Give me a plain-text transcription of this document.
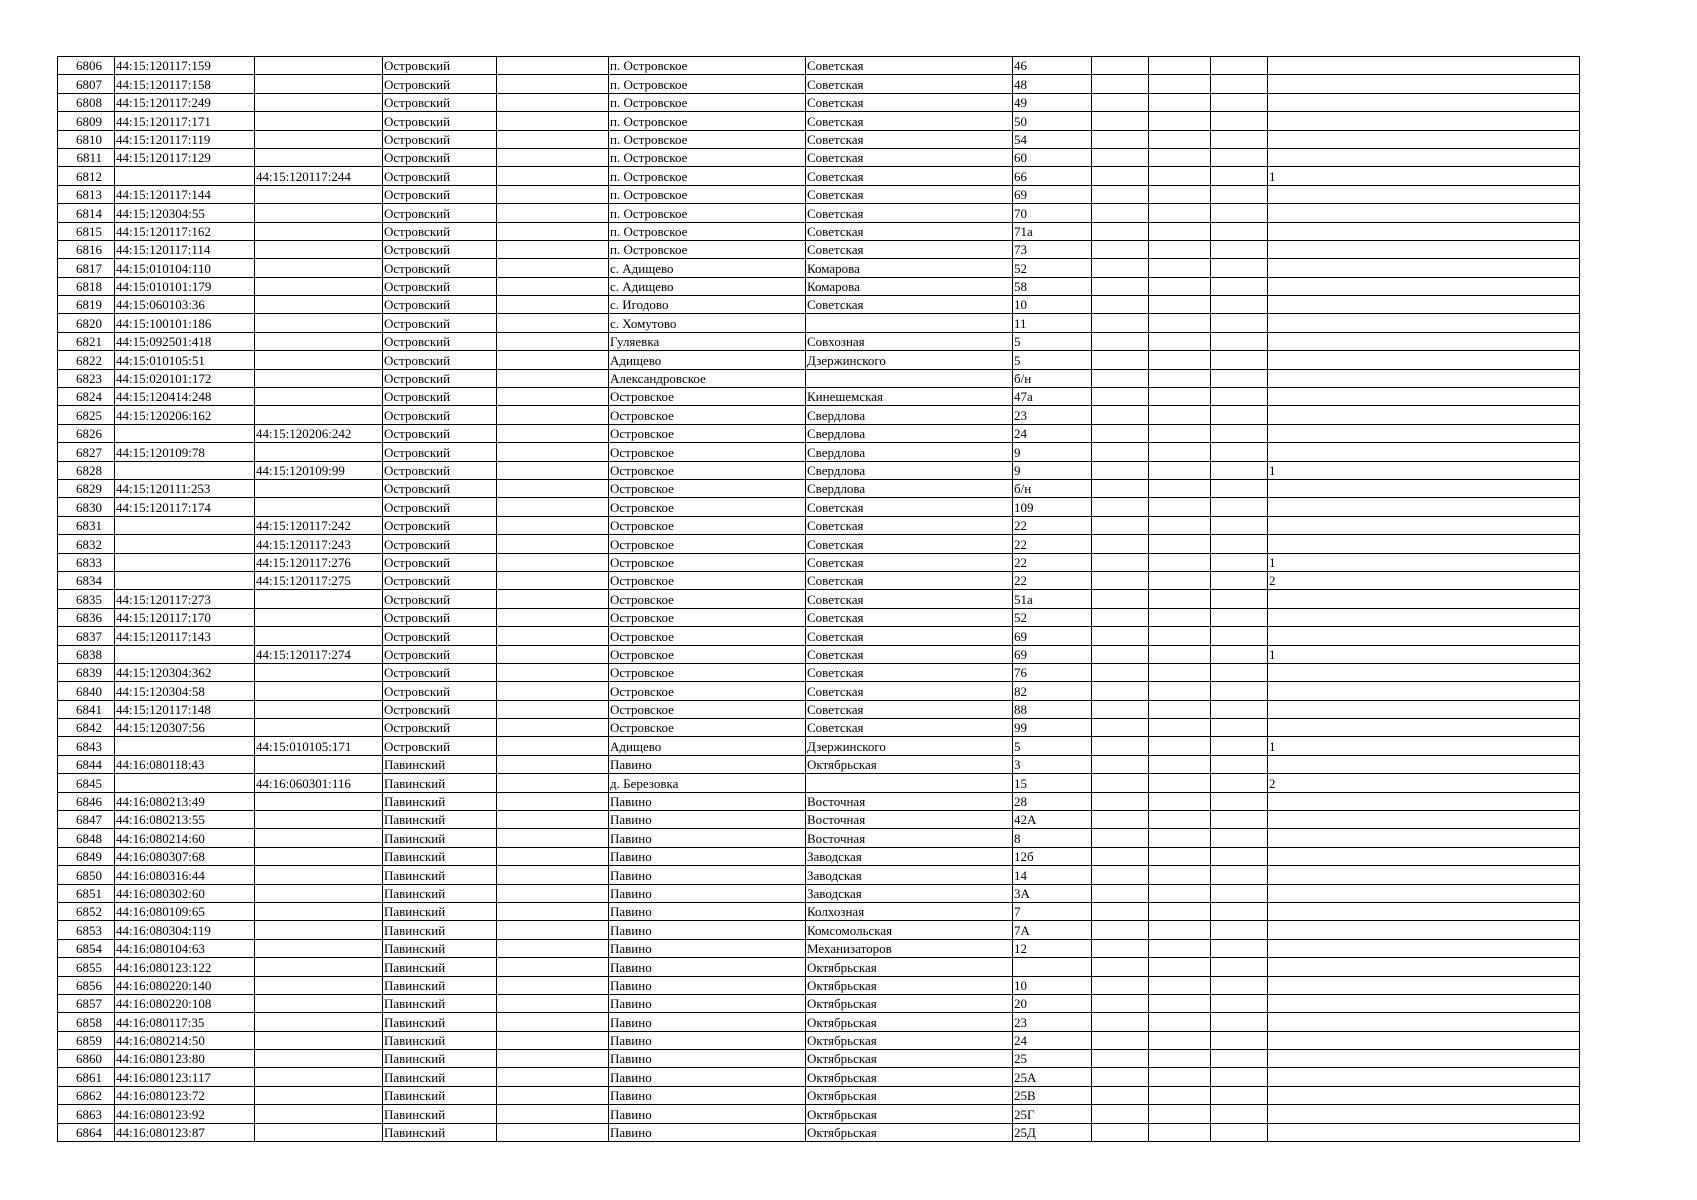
6806	44:15:120117:159		Островский		п. Островское	Советская	46				
6807	44:15:120117:158		Островский		п. Островское	Советская	48				
6808	44:15:120117:249		Островский		п. Островское	Советская	49				
6809	44:15:120117:171		Островский		п. Островское	Советская	50				
6810	44:15:120117:119		Островский		п. Островское	Советская	54				
6811	44:15:120117:129		Островский		п. Островское	Советская	60				
6812		44:15:120117:244	Островский		п. Островское	Советская	66				1
6813	44:15:120117:144		Островский		п. Островское	Советская	69				
6814	44:15:120304:55		Островский		п. Островское	Советская	70				
6815	44:15:120117:162		Островский		п. Островское	Советская	71а				
6816	44:15:120117:114		Островский		п. Островское	Советская	73				
6817	44:15:010104:110		Островский		с. Адищево	Комарова	52				
6818	44:15:010101:179		Островский		с. Адищево	Комарова	58				
6819	44:15:060103:36		Островский		с. Игодово	Советская	10				
6820	44:15:100101:186		Островский		с. Хомутово		11				
6821	44:15:092501:418		Островский		Гуляевка	Совхозная	5				
6822	44:15:010105:51		Островский		Адищево	Дзержинского	5				
6823	44:15:020101:172		Островский		Александровское		б/н				
6824	44:15:120414:248		Островский		Островское	Кинешемская	47а				
6825	44:15:120206:162		Островский		Островское	Свердлова	23				
6826		44:15:120206:242	Островский		Островское	Свердлова	24				
6827	44:15:120109:78		Островский		Островское	Свердлова	9				
6828		44:15:120109:99	Островский		Островское	Свердлова	9				1
6829	44:15:120111:253		Островский		Островское	Свердлова	б/н				
6830	44:15:120117:174		Островский		Островское	Советская	109				
6831		44:15:120117:242	Островский		Островское	Советская	22				
6832		44:15:120117:243	Островский		Островское	Советская	22				
6833		44:15:120117:276	Островский		Островское	Советская	22				1
6834		44:15:120117:275	Островский		Островское	Советская	22				2
6835	44:15:120117:273		Островский		Островское	Советская	51а				
6836	44:15:120117:170		Островский		Островское	Советская	52				
6837	44:15:120117:143		Островский		Островское	Советская	69				
6838		44:15:120117:274	Островский		Островское	Советская	69				1
6839	44:15:120304:362		Островский		Островское	Советская	76				
6840	44:15:120304:58		Островский		Островское	Советская	82				
6841	44:15:120117:148		Островский		Островское	Советская	88				
6842	44:15:120307:56		Островский		Островское	Советская	99				
6843		44:15:010105:171	Островский		Адищево	Дзержинского	5				1
6844	44:16:080118:43		Павинский		Павино	Октябрьская	3				
6845		44:16:060301:116	Павинский		д. Березовка		15				2
6846	44:16:080213:49		Павинский		Павино	Восточная	28				
6847	44:16:080213:55		Павинский		Павино	Восточная	42А				
6848	44:16:080214:60		Павинский		Павино	Восточная	8				
6849	44:16:080307:68		Павинский		Павино	Заводская	12б				
6850	44:16:080316:44		Павинский		Павино	Заводская	14				
6851	44:16:080302:60		Павинский		Павино	Заводская	3А				
6852	44:16:080109:65		Павинский		Павино	Колхозная	7				
6853	44:16:080304:119		Павинский		Павино	Комсомольская	7А				
6854	44:16:080104:63		Павинский		Павино	Механизаторов	12				
6855	44:16:080123:122		Павинский		Павино	Октябрьская					
6856	44:16:080220:140		Павинский		Павино	Октябрьская	10				
6857	44:16:080220:108		Павинский		Павино	Октябрьская	20				
6858	44:16:080117:35		Павинский		Павино	Октябрьская	23				
6859	44:16:080214:50		Павинский		Павино	Октябрьская	24				
6860	44:16:080123:80		Павинский		Павино	Октябрьская	25				
6861	44:16:080123:117		Павинский		Павино	Октябрьская	25А				
6862	44:16:080123:72		Павинский		Павино	Октябрьская	25В				
6863	44:16:080123:92		Павинский		Павино	Октябрьская	25Г				
6864	44:16:080123:87		Павинский		Павино	Октябрьская	25Д				
